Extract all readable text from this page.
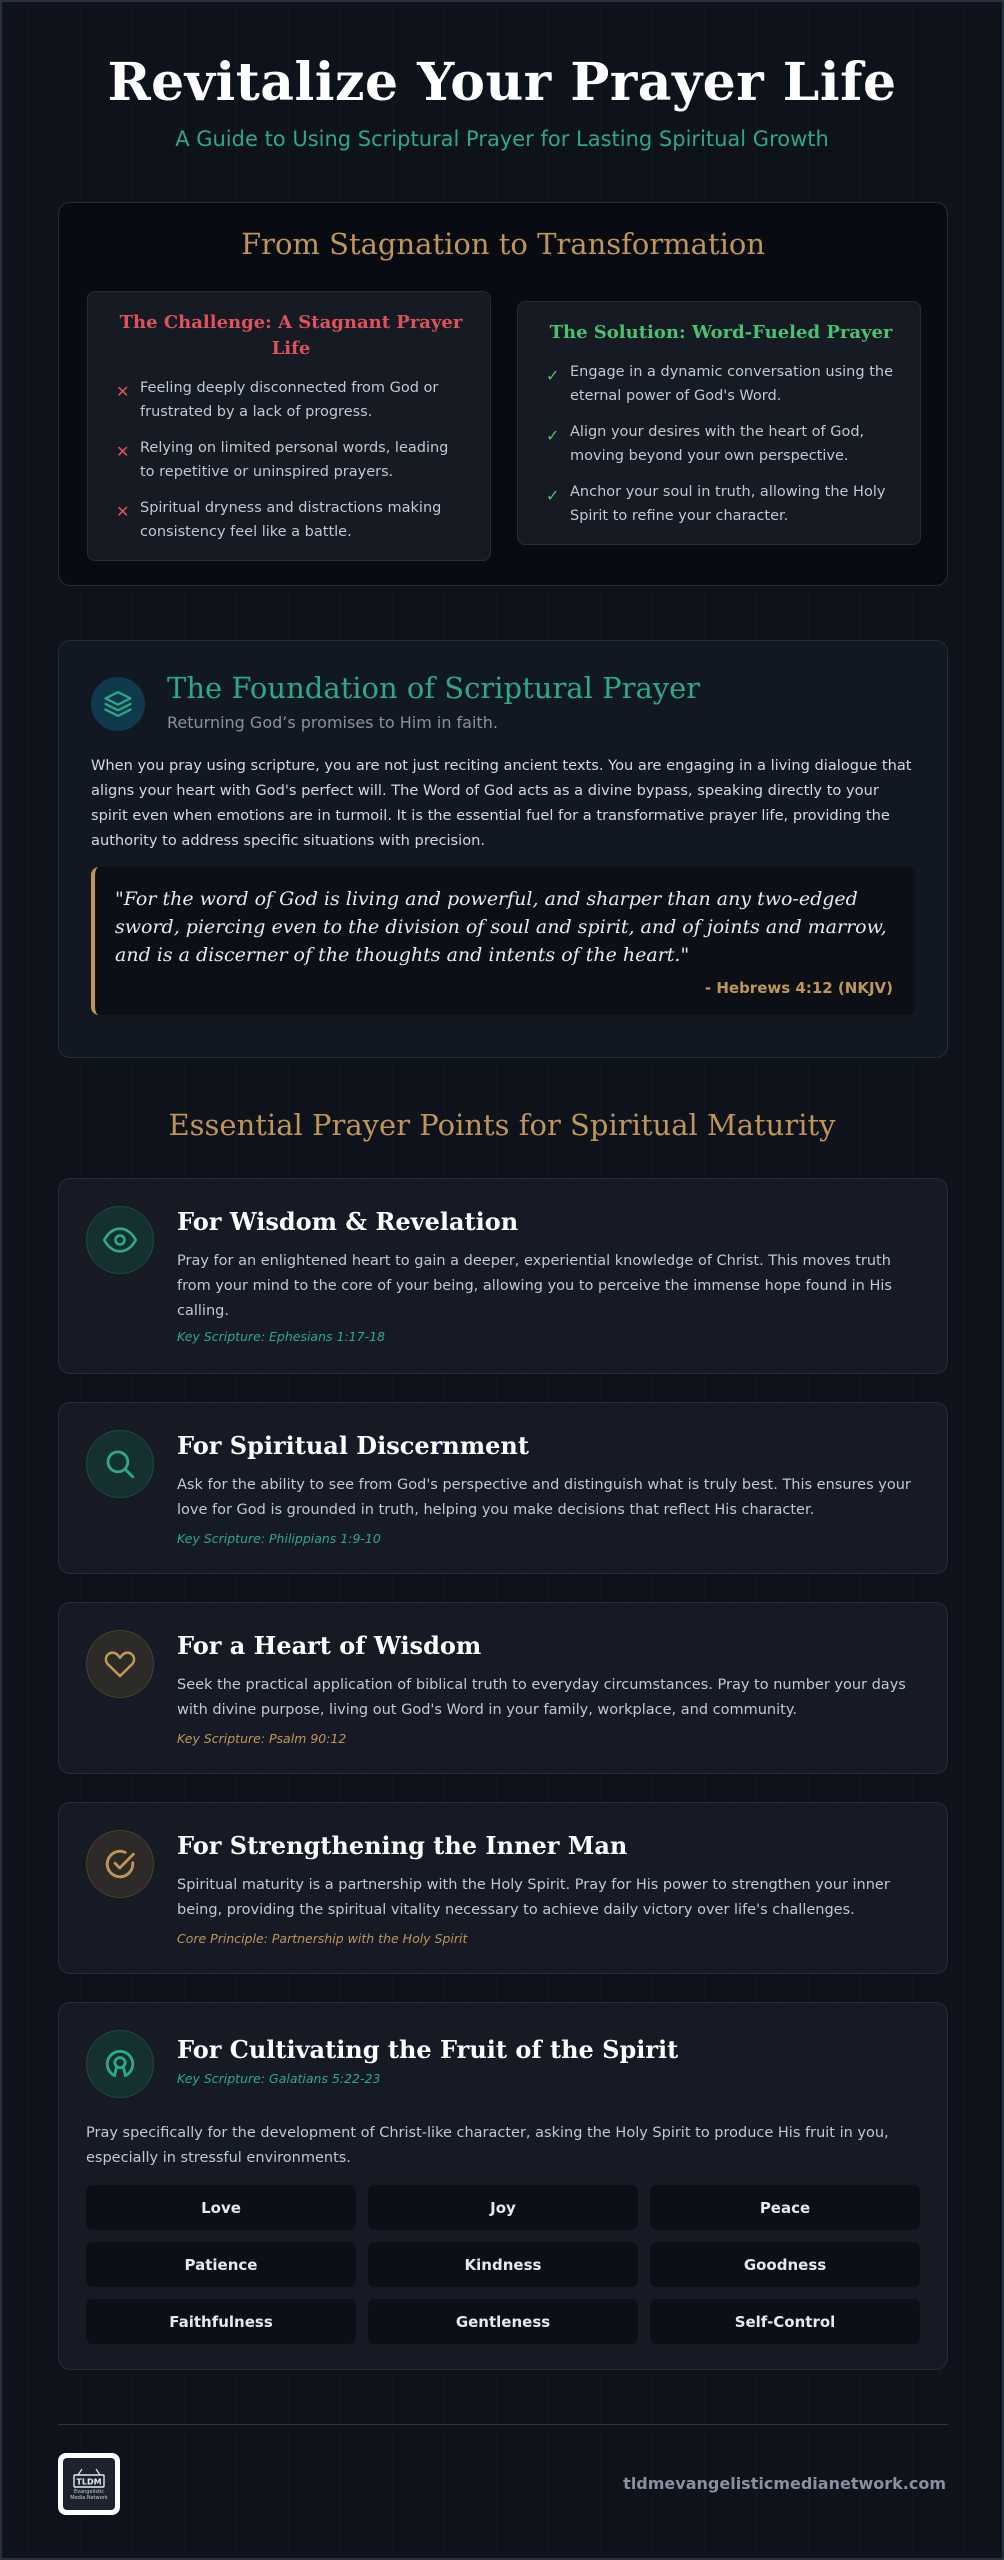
Revitalize Your Prayer Life
A Guide to Using Scriptural Prayer for Lasting Spiritual Growth
From Stagnation to Transformation
The Challenge: A Stagnant Prayer Life
✕ Feeling deeply disconnected from God or frustrated by a lack of progress.
✕ Relying on limited personal words, leading to repetitive or uninspired prayers.
✕ Spiritual dryness and distractions making consistency feel like a battle.
The Solution: Word-Fueled Prayer
✓ Engage in a dynamic conversation using the eternal power of God's Word.
✓ Align your desires with the heart of God, moving beyond your own perspective.
✓ Anchor your soul in truth, allowing the Holy Spirit to refine your character.
The Foundation of Scriptural Prayer
Returning God’s promises to Him in faith.
When you pray using scripture, you are not just reciting ancient texts. You are engaging in a living dialogue that aligns your heart with God's perfect will. The Word of God acts as a divine bypass, speaking directly to your spirit even when emotions are in turmoil. It is the essential fuel for a transformative prayer life, providing the authority to address specific situations with precision.
"For the word of God is living and powerful, and sharper than any two-edged sword, piercing even to the division of soul and spirit, and of joints and marrow, and is a discerner of the thoughts and intents of the heart."
- Hebrews 4:12 (NKJV)
Essential Prayer Points for Spiritual Maturity
For Wisdom & Revelation
Pray for an enlightened heart to gain a deeper, experiential knowledge of Christ. This moves truth from your mind to the core of your being, allowing you to perceive the immense hope found in His calling.
Key Scripture: Ephesians 1:17-18
For Spiritual Discernment
Ask for the ability to see from God's perspective and distinguish what is truly best. This ensures your love for God is grounded in truth, helping you make decisions that reflect His character.
Key Scripture: Philippians 1:9-10
For a Heart of Wisdom
Seek the practical application of biblical truth to everyday circumstances. Pray to number your days with divine purpose, living out God's Word in your family, workplace, and community.
Key Scripture: Psalm 90:12
For Strengthening the Inner Man
Spiritual maturity is a partnership with the Holy Spirit. Pray for His power to strengthen your inner being, providing the spiritual vitality necessary to achieve daily victory over life's challenges.
Core Principle: Partnership with the Holy Spirit
For Cultivating the Fruit of the Spirit
Key Scripture: Galatians 5:22-23
Pray specifically for the development of Christ-like character, asking the Holy Spirit to produce His fruit in you, especially in stressful environments.
Love	Joy	Peace
Patience	Kindness	Goodness
Faithfulness	Gentleness	Self-Control
TLDM
Evangelistic
Media Network
tldmevangelisticmedianetwork.com
